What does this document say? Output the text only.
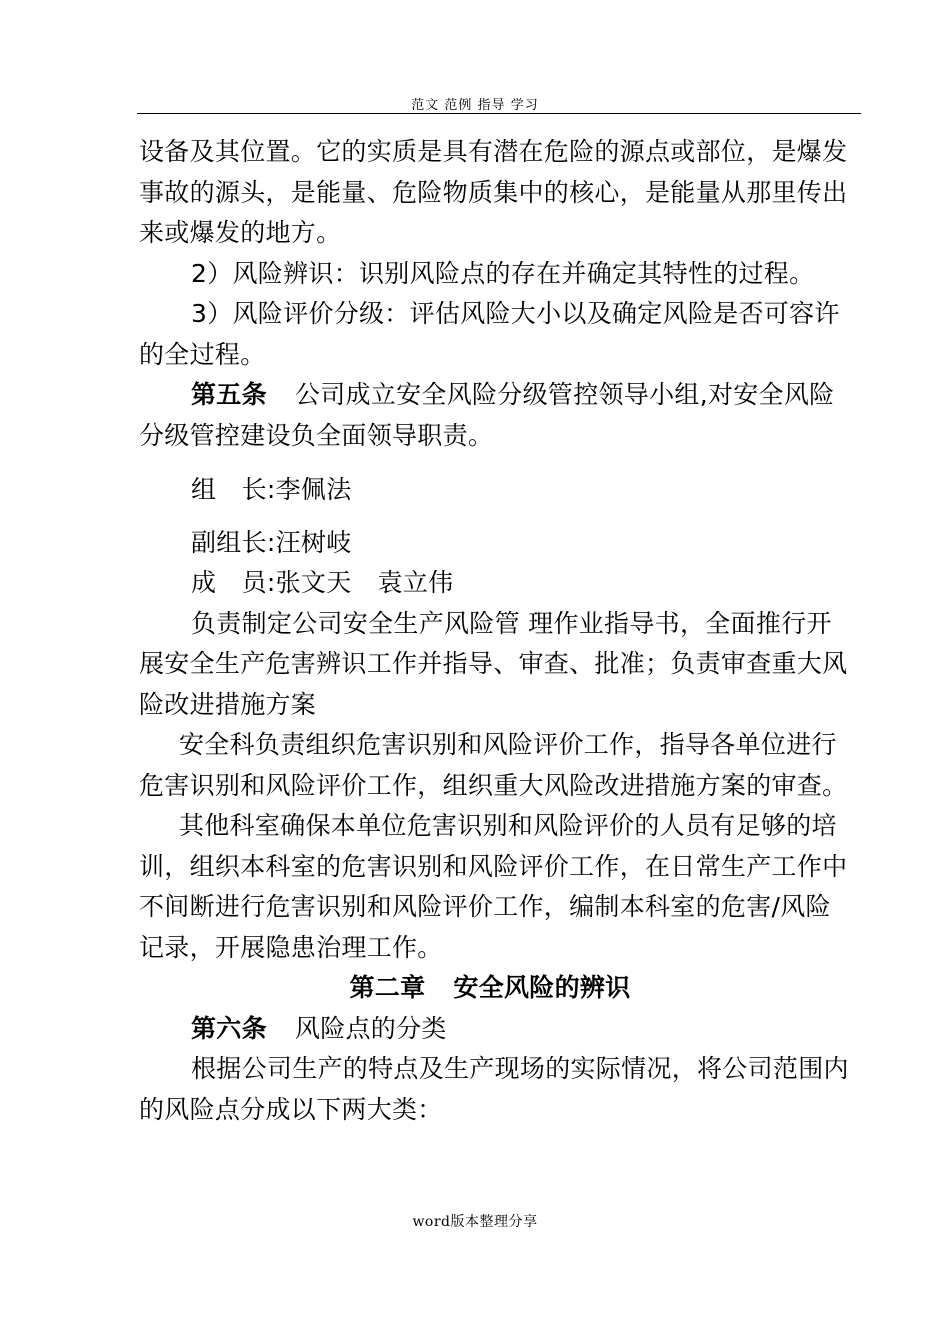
范文 范例 指导 学习

设备及其位置。它的实质是具有潜在危险的源点或部位，是爆发事故的源头，是能量、危险物质集中的核心，是能量从那里传出来或爆发的地方。

2）风险辨识：识别风险点的存在并确定其特性的过程。

3）风险评价分级：评估风险大小以及确定风险是否可容许的全过程。

第五条 公司成立安全风险分级管控领导小组,对安全风险分级管控建设负全面领导职责。

组　长:李佩法

副组长:汪树岐

成　员:张文天 袁立伟

负责制定公司安全生产风险管 理作业指导书，全面推行开展安全生产危害辨识工作并指导、审查、批准；负责审查重大风险改进措施方案

安全科负责组织危害识别和风险评价工作，指导各单位进行危害识别和风险评价工作，组织重大风险改进措施方案的审查。

其他科室确保本单位危害识别和风险评价的人员有足够的培训，组织本科室的危害识别和风险评价工作，在日常生产工作中不间断进行危害识别和风险评价工作，编制本科室的危害/风险记录，开展隐患治理工作。

第二章 安全风险的辨识

第六条 风险点的分类

根据公司生产的特点及生产现场的实际情况，将公司范围内的风险点分成以下两大类：

word版本整理分享
